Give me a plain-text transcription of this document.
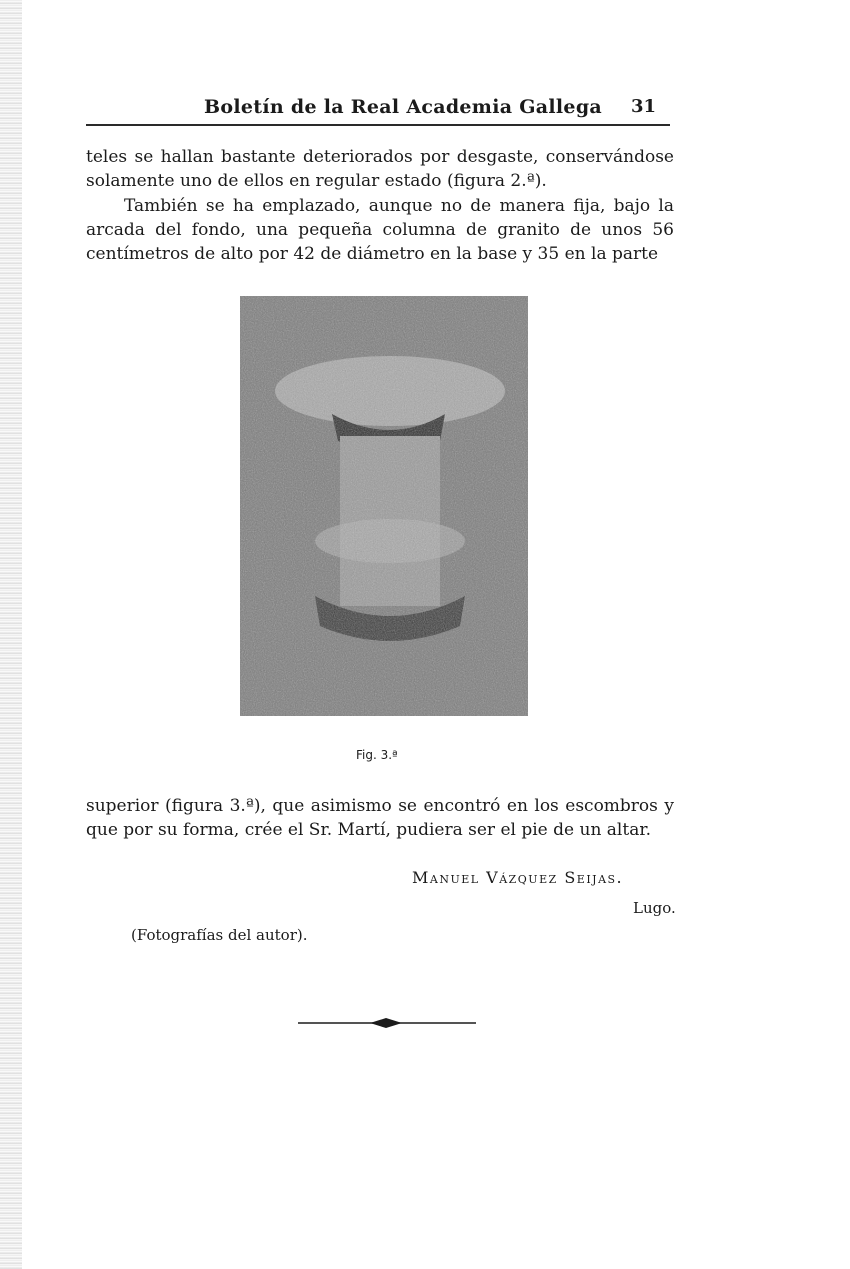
Boletín de la Real Academia Gallega 31

teles se hallan bastante deteriorados por desgaste, conservándose solamente uno de ellos en regular estado (figura 2.ª).

También se ha emplazado, aunque no de manera fija, bajo la arcada del fondo, una pequeña columna de granito de unos 56 centímetros de alto por 42 de diámetro en la base y 35 en la parte

Fig. 3.ª

superior (figura 3.ª), que asimismo se encontró en los escombros y que por su forma, crée el Sr. Martí, pudiera ser el pie de un altar.

Manuel Vázquez Seijas.
Lugo.
(Fotografías del autor).
